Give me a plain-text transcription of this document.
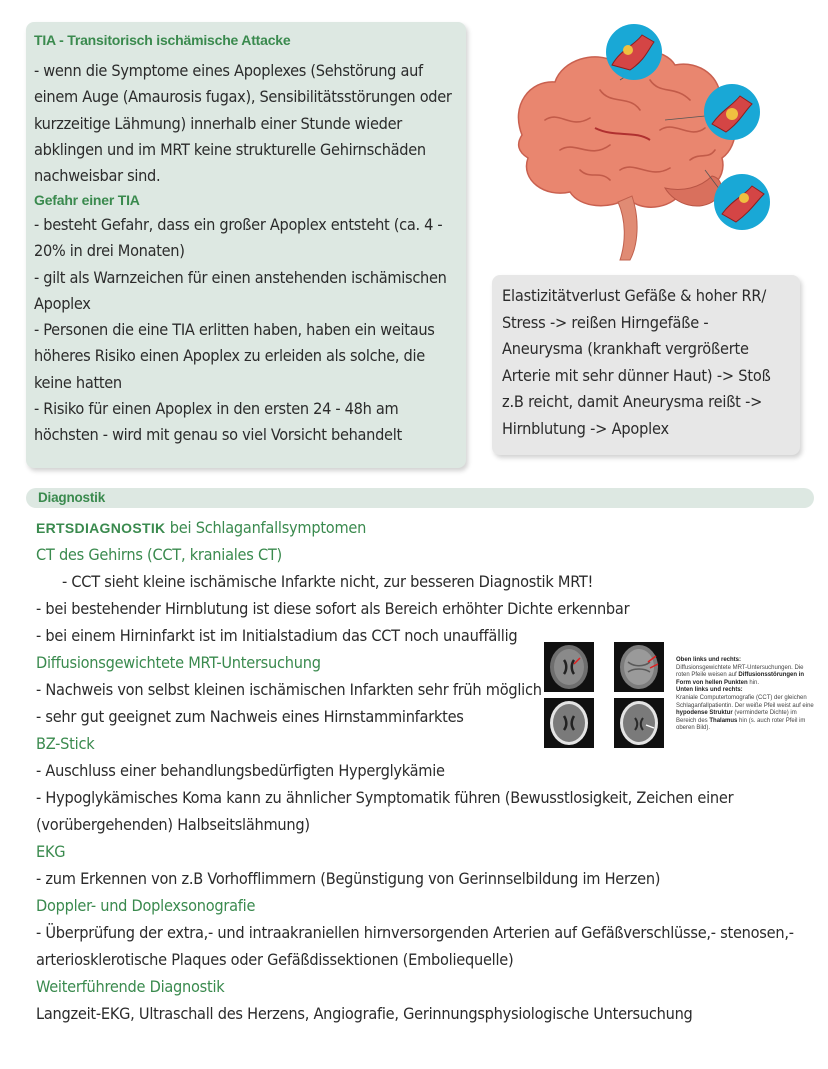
TIA - Transitorisch ischämische Attacke

- wenn die Symptome eines Apoplexes (Sehstörung auf einem Auge (Amaurosis fugax), Sensibilitätsstörungen oder kurzzeitige Lähmung) innerhalb einer Stunde wieder abklingen und im MRT keine strukturelle Gehirnschäden nachweisbar sind.

Gefahr einer TIA

- besteht Gefahr, dass ein großer Apoplex entsteht (ca. 4 - 20% in drei Monaten)

- gilt als Warnzeichen für einen anstehenden ischämischen Apoplex

- Personen die eine TIA erlitten haben, haben ein weitaus höheres Risiko einen Apoplex zu erleiden als solche, die keine hatten

- Risiko für einen Apoplex in den ersten 24 - 48h am höchsten - wird mit genau so viel Vorsicht behandelt

Elastizitätverlust Gefäße & hoher RR/ Stress -> reißen Hirngefäße - Aneurysma (krankhaft vergrößerte Arterie mit sehr dünner Haut) -> Stoß z.B reicht, damit Aneurysma reißt -> Hirnblutung -> Apoplex
Diagnostik
ERTSDIAGNOSTIK bei Schlaganfallsymptomen
CT des Gehirns (CCT, kraniales CT)
- CCT sieht kleine ischämische Infarkte nicht, zur besseren Diagnostik MRT!
- bei bestehender Hirnblutung ist diese sofort als Bereich erhöhter Dichte erkennbar
- bei einem Hirninfarkt ist im Initialstadium das CCT noch unauffällig
Diffusionsgewichtete MRT-Untersuchung
- Nachweis von selbst kleinen ischämischen Infarkten sehr früh möglich
- sehr gut geeignet zum Nachweis eines Hirnstamminfarktes
BZ-Stick
- Auschluss einer behandlungsbedürfigten Hyperglykämie
- Hypoglykämisches Koma kann zu ähnlicher Symptomatik führen (Bewusstlosigkeit, Zeichen einer
(vorübergehenden) Halbseitslähmung)
EKG
- zum Erkennen von z.B Vorhofflimmern (Begünstigung von Gerinnselbildung im Herzen)
Doppler- und Doplexsonografie
- Überprüfung der extra,- und intraakraniellen hirnversorgenden Arterien auf Gefäßverschlüsse,- stenosen,-
arteriosklerotische Plaques oder Gefäßdissektionen (Emboliequelle)
Weiterführende Diagnostik
Langzeit-EKG, Ultraschall des Herzens, Angiografie, Gerinnungsphysiologische Untersuchung
Oben links und rechts:
Diffusionsgewichtete MRT-Untersuchungen. Die roten Pfeile weisen auf Diffusionsstörungen in Form von hellen Punkten hin.
Unten links und rechts:
Kraniale Computertomografie (CCT) der gleichen Schlaganfallpatientin. Der weiße Pfeil weist auf eine hypodense Struktur (verminderte Dichte) im Bereich des Thalamus hin (s. auch roter Pfeil im oberen Bild).
